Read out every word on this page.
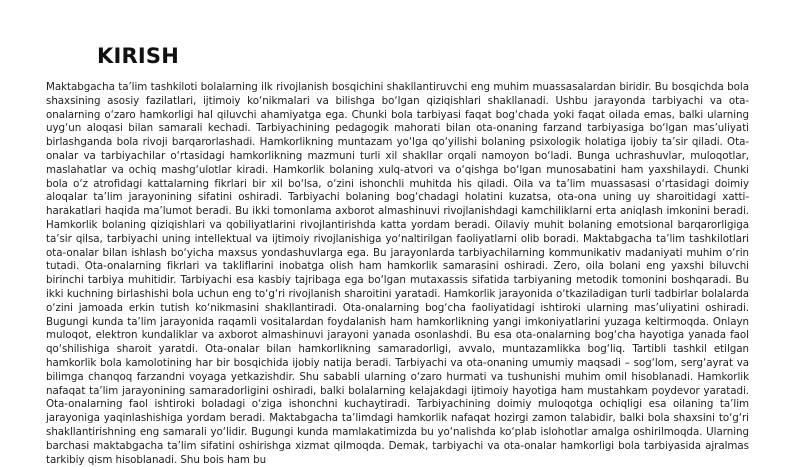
KIRISH

Maktabgacha ta’lim tashkiloti bolalarning ilk rivojlanish bosqichini shakllantiruvchi eng muhim muassasalardan biridir. Bu bosqichda bola shaxsining asosiy fazilatlari, ijtimoiy ko‘nikmalari va bilishga bo‘lgan qiziqishlari shakllanadi. Ushbu jarayonda tarbiyachi va ota-onalarning o‘zaro hamkorligi hal qiluvchi ahamiyatga ega. Chunki bola tarbiyasi faqat bog‘chada yoki faqat oilada emas, balki ularning uyg‘un aloqasi bilan samarali kechadi. Tarbiyachining pedagogik mahorati bilan ota-onaning farzand tarbiyasiga bo‘lgan mas’uliyati birlashganda bola rivoji barqarorlashadi. Hamkorlikning muntazam yo‘lga qo‘yilishi bolaning psixologik holatiga ijobiy ta’sir qiladi. Ota-onalar va tarbiyachilar o‘rtasidagi hamkorlikning mazmuni turli xil shakllar orqali namoyon bo‘ladi. Bunga uchrashuvlar, muloqotlar, maslahatlar va ochiq mashg‘ulotlar kiradi. Hamkorlik bolaning xulq-atvori va o‘qishga bo‘lgan munosabatini ham yaxshilaydi. Chunki bola o‘z atrofidagi kattalarning fikrlari bir xil bo‘lsa, o‘zini ishonchli muhitda his qiladi. Oila va ta’lim muassasasi o‘rtasidagi doimiy aloqalar ta’lim jarayonining sifatini oshiradi. Tarbiyachi bolaning bog‘chadagi holatini kuzatsa, ota-ona uning uy sharoitidagi xatti-harakatlari haqida ma’lumot beradi. Bu ikki tomonlama axborot almashinuvi rivojlanishdagi kamchiliklarni erta aniqlash imkonini beradi. Hamkorlik bolaning qiziqishlari va qobiliyatlarini rivojlantirishda katta yordam beradi. Oilaviy muhit bolaning emotsional barqarorligiga ta’sir qilsa, tarbiyachi uning intellektual va ijtimoiy rivojlanishiga yo‘naltirilgan faoliyatlarni olib boradi. Maktabgacha ta’lim tashkilotlari ota-onalar bilan ishlash bo‘yicha maxsus yondashuvlarga ega. Bu jarayonlarda tarbiyachilarning kommunikativ madaniyati muhim o‘rin tutadi. Ota-onalarning fikrlari va takliflarini inobatga olish ham hamkorlik samarasini oshiradi. Zero, oila bolani eng yaxshi biluvchi birinchi tarbiya muhitidir. Tarbiyachi esa kasbiy tajribaga ega bo‘lgan mutaxassis sifatida tarbiyaning metodik tomonini boshqaradi. Bu ikki kuchning birlashishi bola uchun eng to‘g‘ri rivojlanish sharoitini yaratadi. Hamkorlik jarayonida o‘tkaziladigan turli tadbirlar bolalarda o‘zini jamoada erkin tutish ko‘nikmasini shakllantiradi. Ota-onalarning bog‘cha faoliyatidagi ishtiroki ularning mas’uliyatini oshiradi. Bugungi kunda ta’lim jarayonida raqamli vositalardan foydalanish ham hamkorlikning yangi imkoniyatlarini yuzaga keltirmoqda. Onlayn muloqot, elektron kundaliklar va axborot almashinuvi jarayoni yanada osonlashdi. Bu esa ota-onalarning bog‘cha hayotiga yanada faol qo‘shilishiga sharoit yaratdi. Ota-onalar bilan hamkorlikning samaradorligi, avvalo, muntazamlikka bog‘liq. Tartibli tashkil etilgan hamkorlik bola kamolotining har bir bosqichida ijobiy natija beradi. Tarbiyachi va ota-onaning umumiy maqsadi – sog‘lom, serg‘ayrat va bilimga chanqoq farzandni voyaga yetkazishdir. Shu sababli ularning o‘zaro hurmati va tushunishi muhim omil hisoblanadi. Hamkorlik nafaqat ta’lim jarayonining samaradorligini oshiradi, balki bolalarning kelajakdagi ijtimoiy hayotiga ham mustahkam poydevor yaratadi. Ota-onalarning faol ishtiroki boladagi o‘ziga ishonchni kuchaytiradi. Tarbiyachining doimiy muloqotga ochiqligi esa oilaning ta’lim jarayoniga yaqinlashishiga yordam beradi. Maktabgacha ta’limdagi hamkorlik nafaqat hozirgi zamon talabidir, balki bola shaxsini to‘g‘ri shakllantirishning eng samarali yo‘lidir. Bugungi kunda mamlakatimizda bu yo‘nalishda ko‘plab islohotlar amalga oshirilmoqda. Ularning barchasi maktabgacha ta’lim sifatini oshirishga xizmat qilmoqda. Demak, tarbiyachi va ota-onalar hamkorligi bola tarbiyasida ajralmas tarkibiy qism hisoblanadi. Shu bois ham bu
